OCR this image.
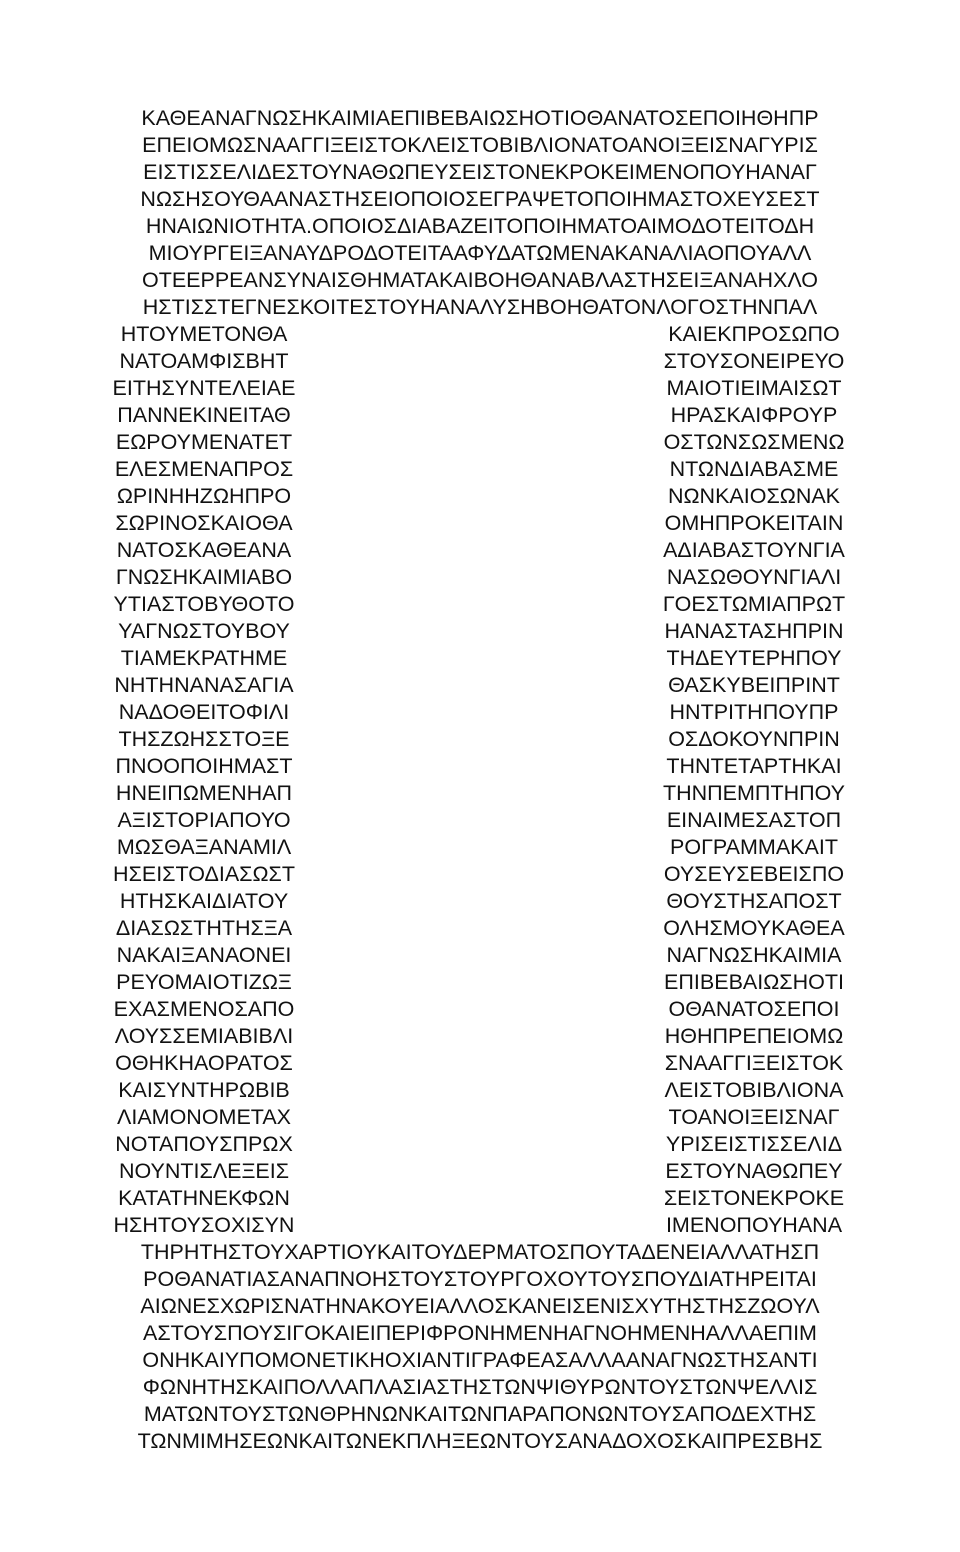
ΚΑΘΕΑΝΑΓΝΩΣΗΚΑΙΜΙΑΕΠΙΒΕΒΑΙΩΣΗΟΤΙΟΘΑΝΑΤΟΣΕΠΟΙΗΘΗΠΡ
ΕΠΕΙΟΜΩΣΝΑΑΓΓΙΞΕΙΣΤΟΚΛΕΙΣΤΟΒΙΒΛΙΟΝΑΤΟΑΝΟΙΞΕΙΣΝΑΓΥΡΙΣ
ΕΙΣΤΙΣΣΕΛΙΔΕΣΤΟΥΝΑΘΩΠΕΥΣΕΙΣΤΟΝΕΚΡΟΚΕΙΜΕΝΟΠΟΥΗΑΝΑΓ
ΝΩΣΗΣΟΥΘΑΑΝΑΣΤΗΣΕΙΟΠΟΙΟΣΕΓΡΑΨΕΤΟΠΟΙΗΜΑΣΤΟΧΕΥΣΕΣΤ
ΗΝΑΙΩΝΙΟΤΗΤΑ.ΟΠΟΙΟΣΔΙΑΒΑΖΕΙΤΟΠΟΙΗΜΑΤΟΑΙΜΟΔΟΤΕΙΤΟΔΗ
ΜΙΟΥΡΓΕΙΞΑΝΑΥΔΡΟΔΟΤΕΙΤΑΑΦΥΔΑΤΩΜΕΝΑΚΑΝΑΛΙΑΟΠΟΥΑΛΛ
ΟΤΕΕΡΡΕΑΝΣΥΝΑΙΣΘΗΜΑΤΑΚΑΙΒΟΗΘΑΝΑΒΛΑΣΤΗΣΕΙΞΑΝΑΗΧΛΟ
ΗΣΤΙΣΣΤΕΓΝΕΣΚΟΙΤΕΣΤΟΥΗΑΝΑΛΥΣΗΒΟΗΘΑΤΟΝΛΟΓΟΣΤΗΝΠΑΛ
ΗΤΟΥΜΕΤΟΝΘΑ	ΚΑΙΕΚΠΡΟΣΩΠΟ
ΝΑΤΟΑΜΦΙΣΒΗΤ	ΣΤΟΥΣΟΝΕΙΡΕΥΟ
ΕΙΤΗΣΥΝΤΕΛΕΙΑΕ	ΜΑΙΟΤΙΕΙΜΑΙΣΩΤ
ΠΑΝΝΕΚΙΝΕΙΤΑΘ	ΗΡΑΣΚΑΙΦΡΟΥΡ
ΕΩΡΟΥΜΕΝΑΤΕΤ	ΟΣΤΩΝΣΩΣΜΕΝΩ
ΕΛΕΣΜΕΝΑΠΡΟΣ	ΝΤΩΝΔΙΑΒΑΣΜΕ
ΩΡΙΝΗΗΖΩΗΠΡΟ	ΝΩΝΚΑΙΟΣΩΝΑΚ
ΣΩΡΙΝΟΣΚΑΙΟΘΑ	ΟΜΗΠΡΟΚΕΙΤΑΙΝ
ΝΑΤΟΣΚΑΘΕΑΝΑ	ΑΔΙΑΒΑΣΤΟΥΝΓΙΑ
ΓΝΩΣΗΚΑΙΜΙΑΒΟ	ΝΑΣΩΘΟΥΝΓΙΑΛΙ
ΥΤΙΑΣΤΟΒΥΘΟΤΟ	ΓΟΕΣΤΩΜΙΑΠΡΩΤ
ΥΑΓΝΩΣΤΟΥΒΟΥ	ΗΑΝΑΣΤΑΣΗΠΡΙΝ
ΤΙΑΜΕΚΡΑΤΗΜΕ	ΤΗΔΕΥΤΕΡΗΠΟΥ
ΝΗΤΗΝΑΝΑΣΑΓΙΑ	ΘΑΣΚΥΒΕΙΠΡΙΝΤ
ΝΑΔΟΘΕΙΤΟΦΙΛΙ	ΗΝΤΡΙΤΗΠΟΥΠΡ
ΤΗΣΖΩΗΣΣΤΟΞΕ	ΟΣΔΟΚΟΥΝΠΡΙΝ
ΠΝΟΟΠΟΙΗΜΑΣΤ	ΤΗΝΤΕΤΑΡΤΗΚΑΙ
ΗΝΕΙΠΩΜΕΝΗΑΠ	ΤΗΝΠΕΜΠΤΗΠΟΥ
ΑΞΙΣΤΟΡΙΑΠΟΥΟ	ΕΙΝΑΙΜΕΣΑΣΤΟΠ
ΜΩΣΘΑΞΑΝΑΜΙΛ	ΡΟΓΡΑΜΜΑΚΑΙΤ
ΗΣΕΙΣΤΟΔΙΑΣΩΣΤ	ΟΥΣΕΥΣΕΒΕΙΣΠΟ
ΗΤΗΣΚΑΙΔΙΑΤΟΥ	ΘΟΥΣΤΗΣΑΠΟΣΤ
ΔΙΑΣΩΣΤΗΤΗΣΞΑ	ΟΛΗΣΜΟΥΚΑΘΕΑ
ΝΑΚΑΙΞΑΝΑΟΝΕΙ	ΝΑΓΝΩΣΗΚΑΙΜΙΑ
ΡΕΥΟΜΑΙΟΤΙΖΩΞ	ΕΠΙΒΕΒΑΙΩΣΗΟΤΙ
ΕΧΑΣΜΕΝΟΣΑΠΟ	ΟΘΑΝΑΤΟΣΕΠΟΙ
ΛΟΥΣΣΕΜΙΑΒΙΒΛΙ	ΗΘΗΠΡΕΠΕΙΟΜΩ
ΟΘΗΚΗΑΟΡΑΤΟΣ	ΣΝΑΑΓΓΙΞΕΙΣΤΟΚ
ΚΑΙΣΥΝΤΗΡΩΒΙΒ	ΛΕΙΣΤΟΒΙΒΛΙΟΝΑ
ΛΙΑΜΟΝΟΜΕΤΑΧ	ΤΟΑΝΟΙΞΕΙΣΝΑΓ
ΝΟΤΑΠΟΥΣΠΡΩΧ	ΥΡΙΣΕΙΣΤΙΣΣΕΛΙΔ
ΝΟΥΝΤΙΣΛΕΞΕΙΣ	ΕΣΤΟΥΝΑΘΩΠΕΥ
ΚΑΤΑΤΗΝΕΚΦΩΝ	ΣΕΙΣΤΟΝΕΚΡΟΚΕ
ΗΣΗΤΟΥΣΟΧΙΣΥΝ	ΙΜΕΝΟΠΟΥΗΑΝΑ
ΤΗΡΗΤΗΣΤΟΥΧΑΡΤΙΟΥΚΑΙΤΟΥΔΕΡΜΑΤΟΣΠΟΥΤΑΔΕΝΕΙΑΛΛΑΤΗΣΠ
ΡΟΘΑΝΑΤΙΑΣΑΝΑΠΝΟΗΣΤΟΥΣΤΟΥΡΓΟΧΟΥΤΟΥΣΠΟΥΔΙΑΤΗΡΕΙΤΑΙ
ΑΙΩΝΕΣΧΩΡΙΣΝΑΤΗΝΑΚΟΥΕΙΑΛΛΟΣΚΑΝΕΙΣΕΝΙΣΧΥΤΗΣΤΗΣΖΩΟΥΛ
ΑΣΤΟΥΣΠΟΥΣΙΓΟΚΑΙΕΙΠΕΡΙΦΡΟΝΗΜΕΝΗΑΓΝΟΗΜΕΝΗΑΛΛΑΕΠΙΜ
ΟΝΗΚΑΙΥΠΟΜΟΝΕΤΙΚΗΟΧΙΑΝΤΙΓΡΑΦΕΑΣΑΛΛΑΑΝΑΓΝΩΣΤΗΣΑΝΤΙ
ΦΩΝΗΤΗΣΚΑΙΠΟΛΛΑΠΛΑΣΙΑΣΤΗΣΤΩΝΨΙΘΥΡΩΝΤΟΥΣΤΩΝΨΕΛΛΙΣ
ΜΑΤΩΝΤΟΥΣΤΩΝΘΡΗΝΩΝΚΑΙΤΩΝΠΑΡΑΠΟΝΩΝΤΟΥΣΑΠΟΔΕΧΤΗΣ
ΤΩΝΜΙΜΗΣΕΩΝΚΑΙΤΩΝΕΚΠΛΗΞΕΩΝΤΟΥΣΑΝΑΔΟΧΟΣΚΑΙΠΡΕΣΒΗΣ
